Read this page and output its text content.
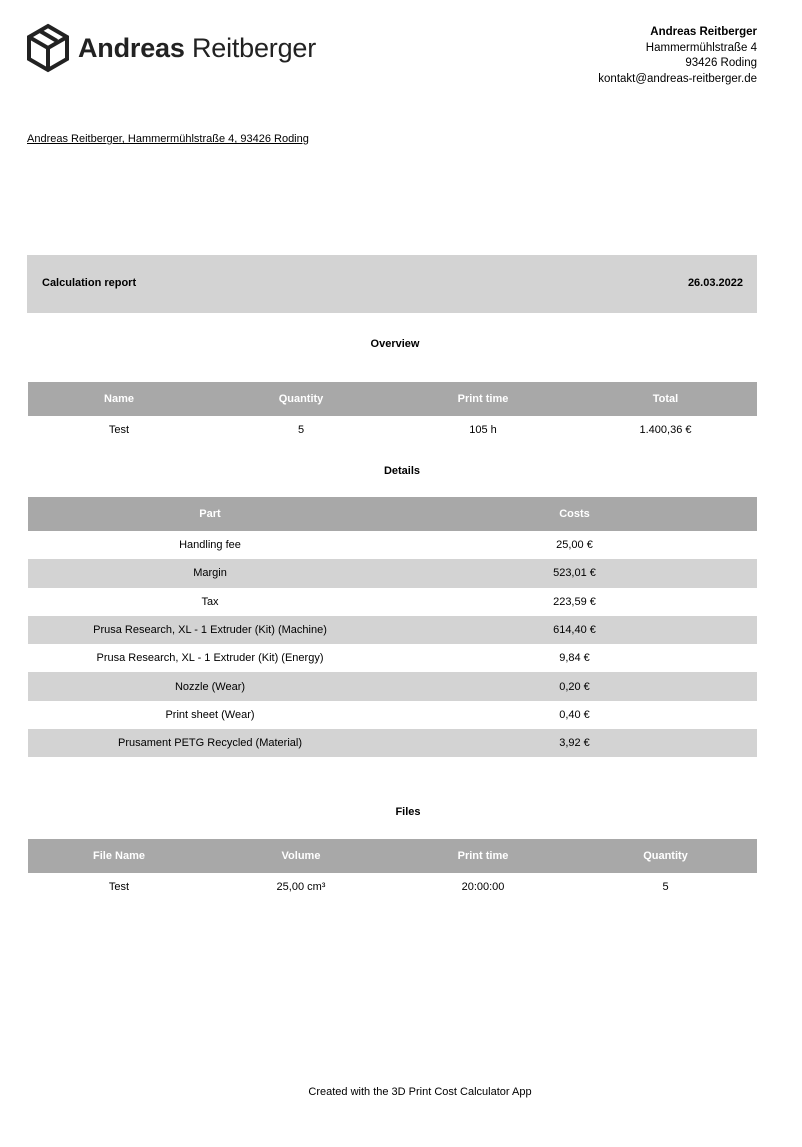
Andreas Reitberger
Andreas Reitberger
Hammermühlstraße 4
93426 Roding
kontakt@andreas-reitberger.de
Andreas Reitberger, Hammermühlstraße 4, 93426 Roding
Calculation report	26.03.2022
Overview
Name	Quantity	Print time	Total
Test	5	105 h	1.400,36 €
Details
Part	Costs
Handling fee	25,00 €
Margin	523,01 €
Tax	223,59 €
Prusa Research, XL - 1 Extruder (Kit) (Machine)	614,40 €
Prusa Research, XL - 1 Extruder (Kit) (Energy)	9,84 €
Nozzle (Wear)	0,20 €
Print sheet (Wear)	0,40 €
Prusament PETG Recycled (Material)	3,92 €
Files
File Name	Volume	Print time	Quantity
Test	25,00 cm³	20:00:00	5
Created with the 3D Print Cost Calculator App
